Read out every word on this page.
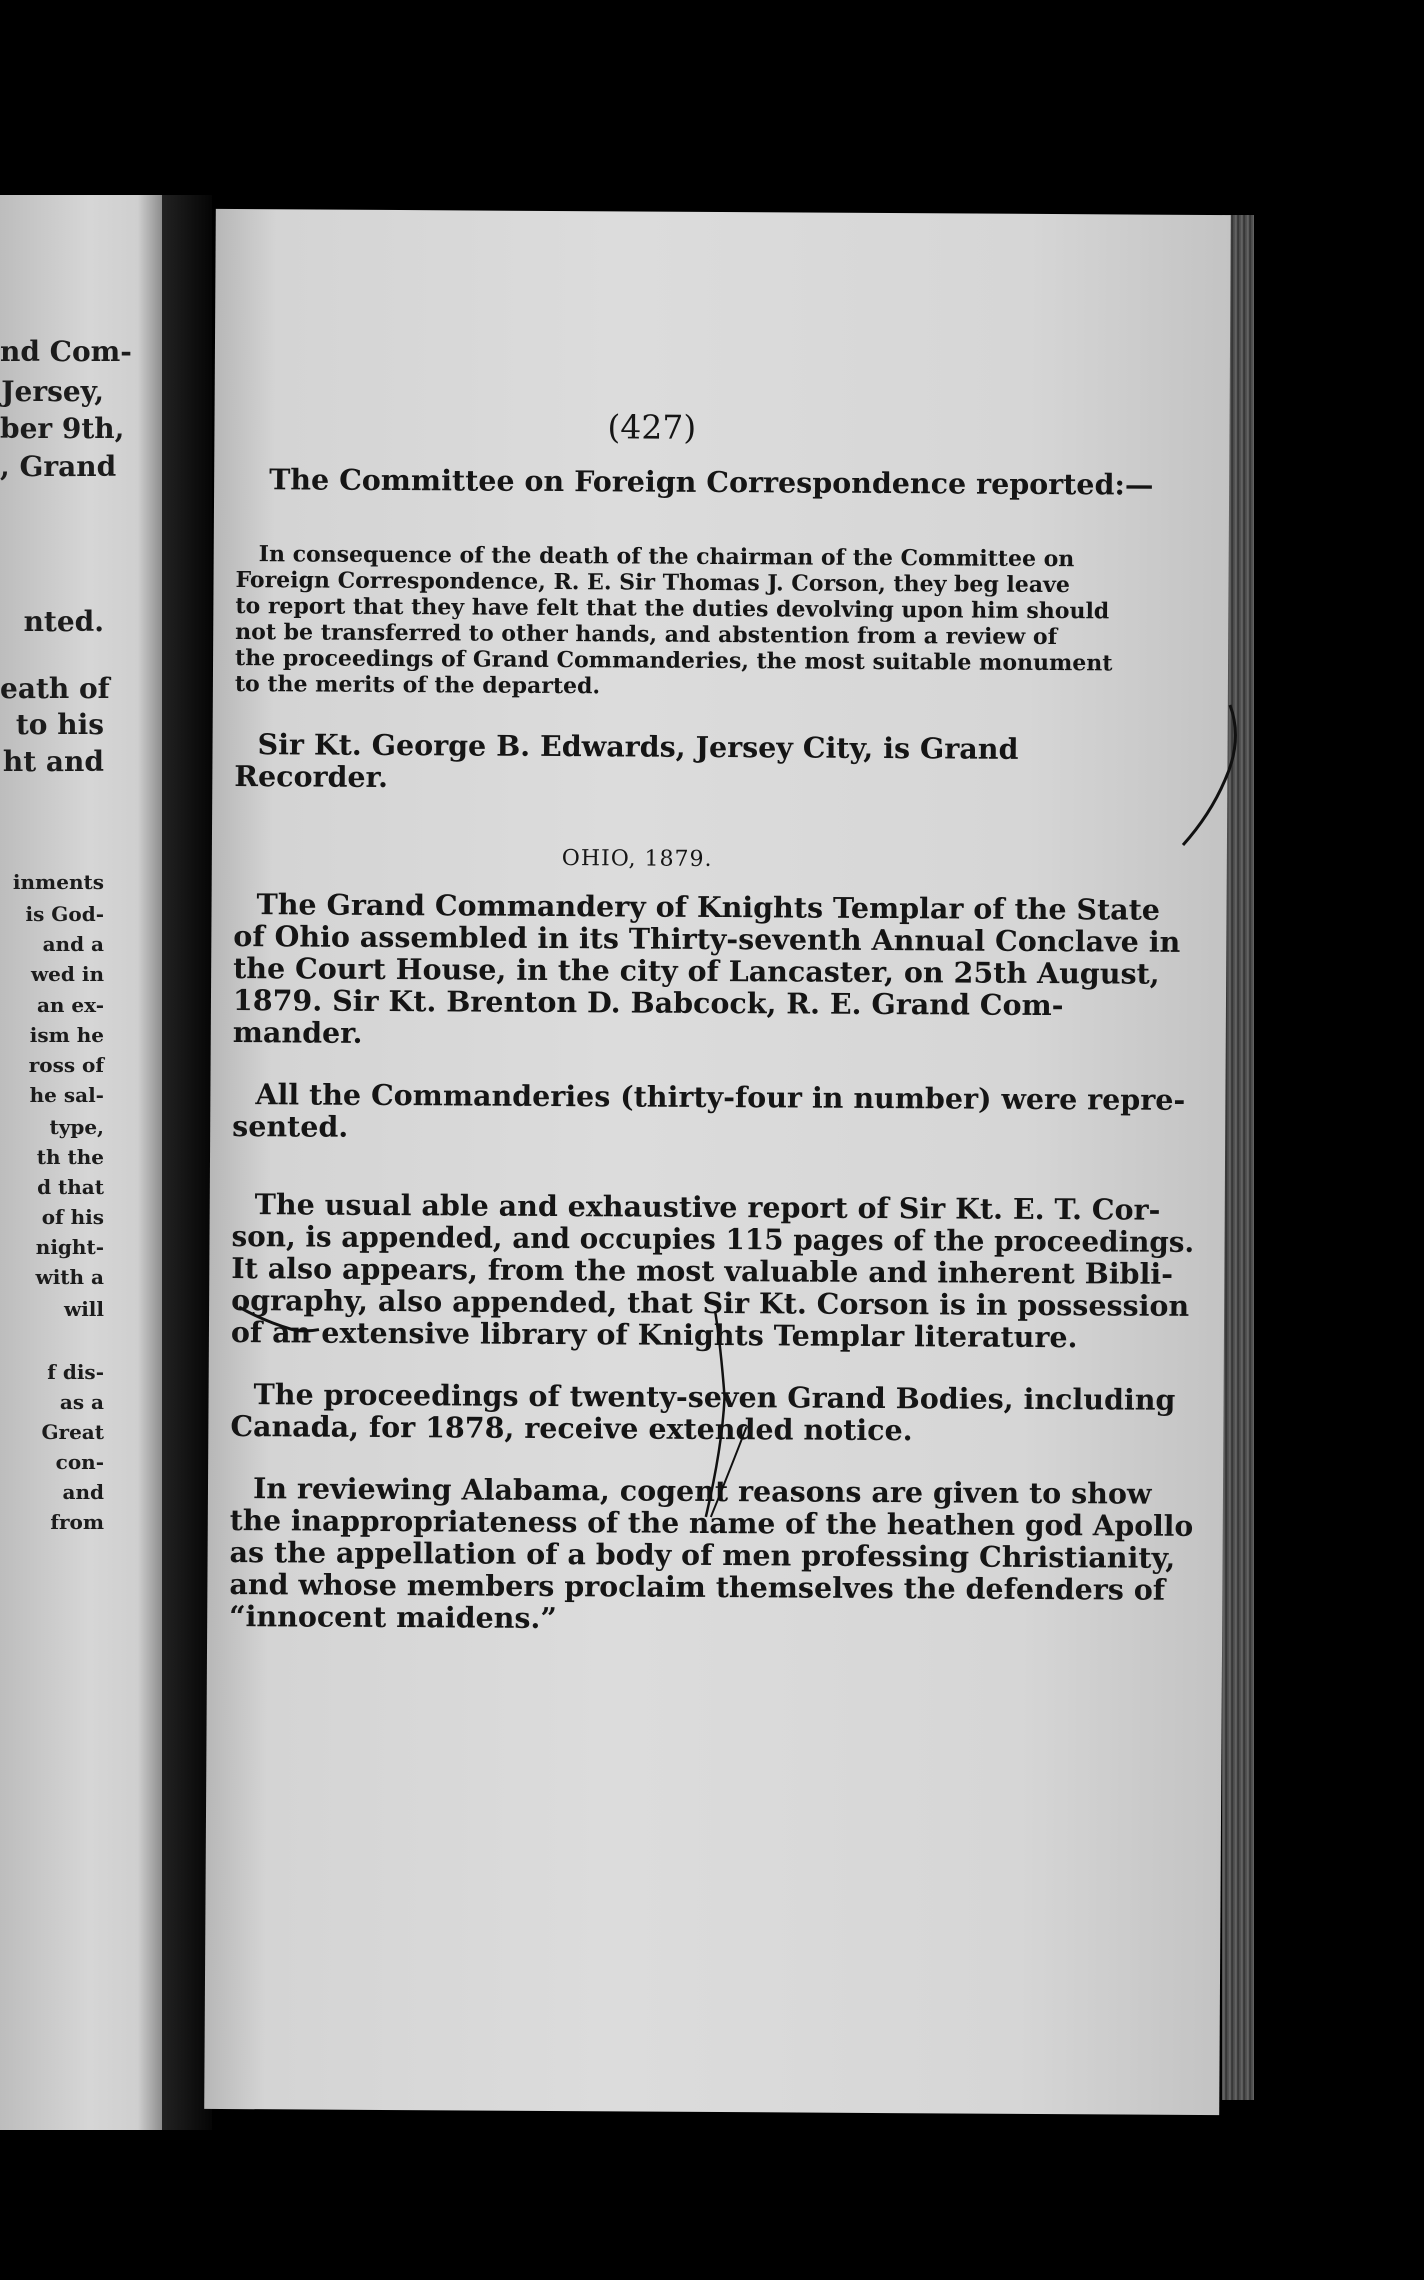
nd Com-
Jersey,
ber 9th,
, Grand
nted.
eath of
to his
ht and
inments
is God-
and a
wed in
an ex-
ism he
ross of
he sal-
type,
th the
d that
of his
night-
with a
will
f dis-
as a
Great
con-
and
from
(427)
The Committee on Foreign Correspondence reported:—
In consequence of the death of the chairman of the Committee on
Foreign Correspondence, R. E. Sir Thomas J. Corson, they beg leave
to report that they have felt that the duties devolving upon him should
not be transferred to other hands, and abstention from a review of
the proceedings of Grand Commanderies, the most suitable monument
to the merits of the departed.
Sir Kt. George B. Edwards, Jersey City, is Grand
Recorder.
OHIO, 1879.
The Grand Commandery of Knights Templar of the State
of Ohio assembled in its Thirty-seventh Annual Conclave in
the Court House, in the city of Lancaster, on 25th August,
1879. Sir Kt. Brenton D. Babcock, R. E. Grand Com-
mander.
All the Commanderies (thirty-four in number) were repre-
sented.
The usual able and exhaustive report of Sir Kt. E. T. Cor-
son, is appended, and occupies 115 pages of the proceedings.
It also appears, from the most valuable and inherent Bibli-
ography, also appended, that Sir Kt. Corson is in possession
of an extensive library of Knights Templar literature.
The proceedings of twenty-seven Grand Bodies, including
Canada, for 1878, receive extended notice.
In reviewing Alabama, cogent reasons are given to show
the inappropriateness of the name of the heathen god Apollo
as the appellation of a body of men professing Christianity,
and whose members proclaim themselves the defenders of
“innocent maidens.”
